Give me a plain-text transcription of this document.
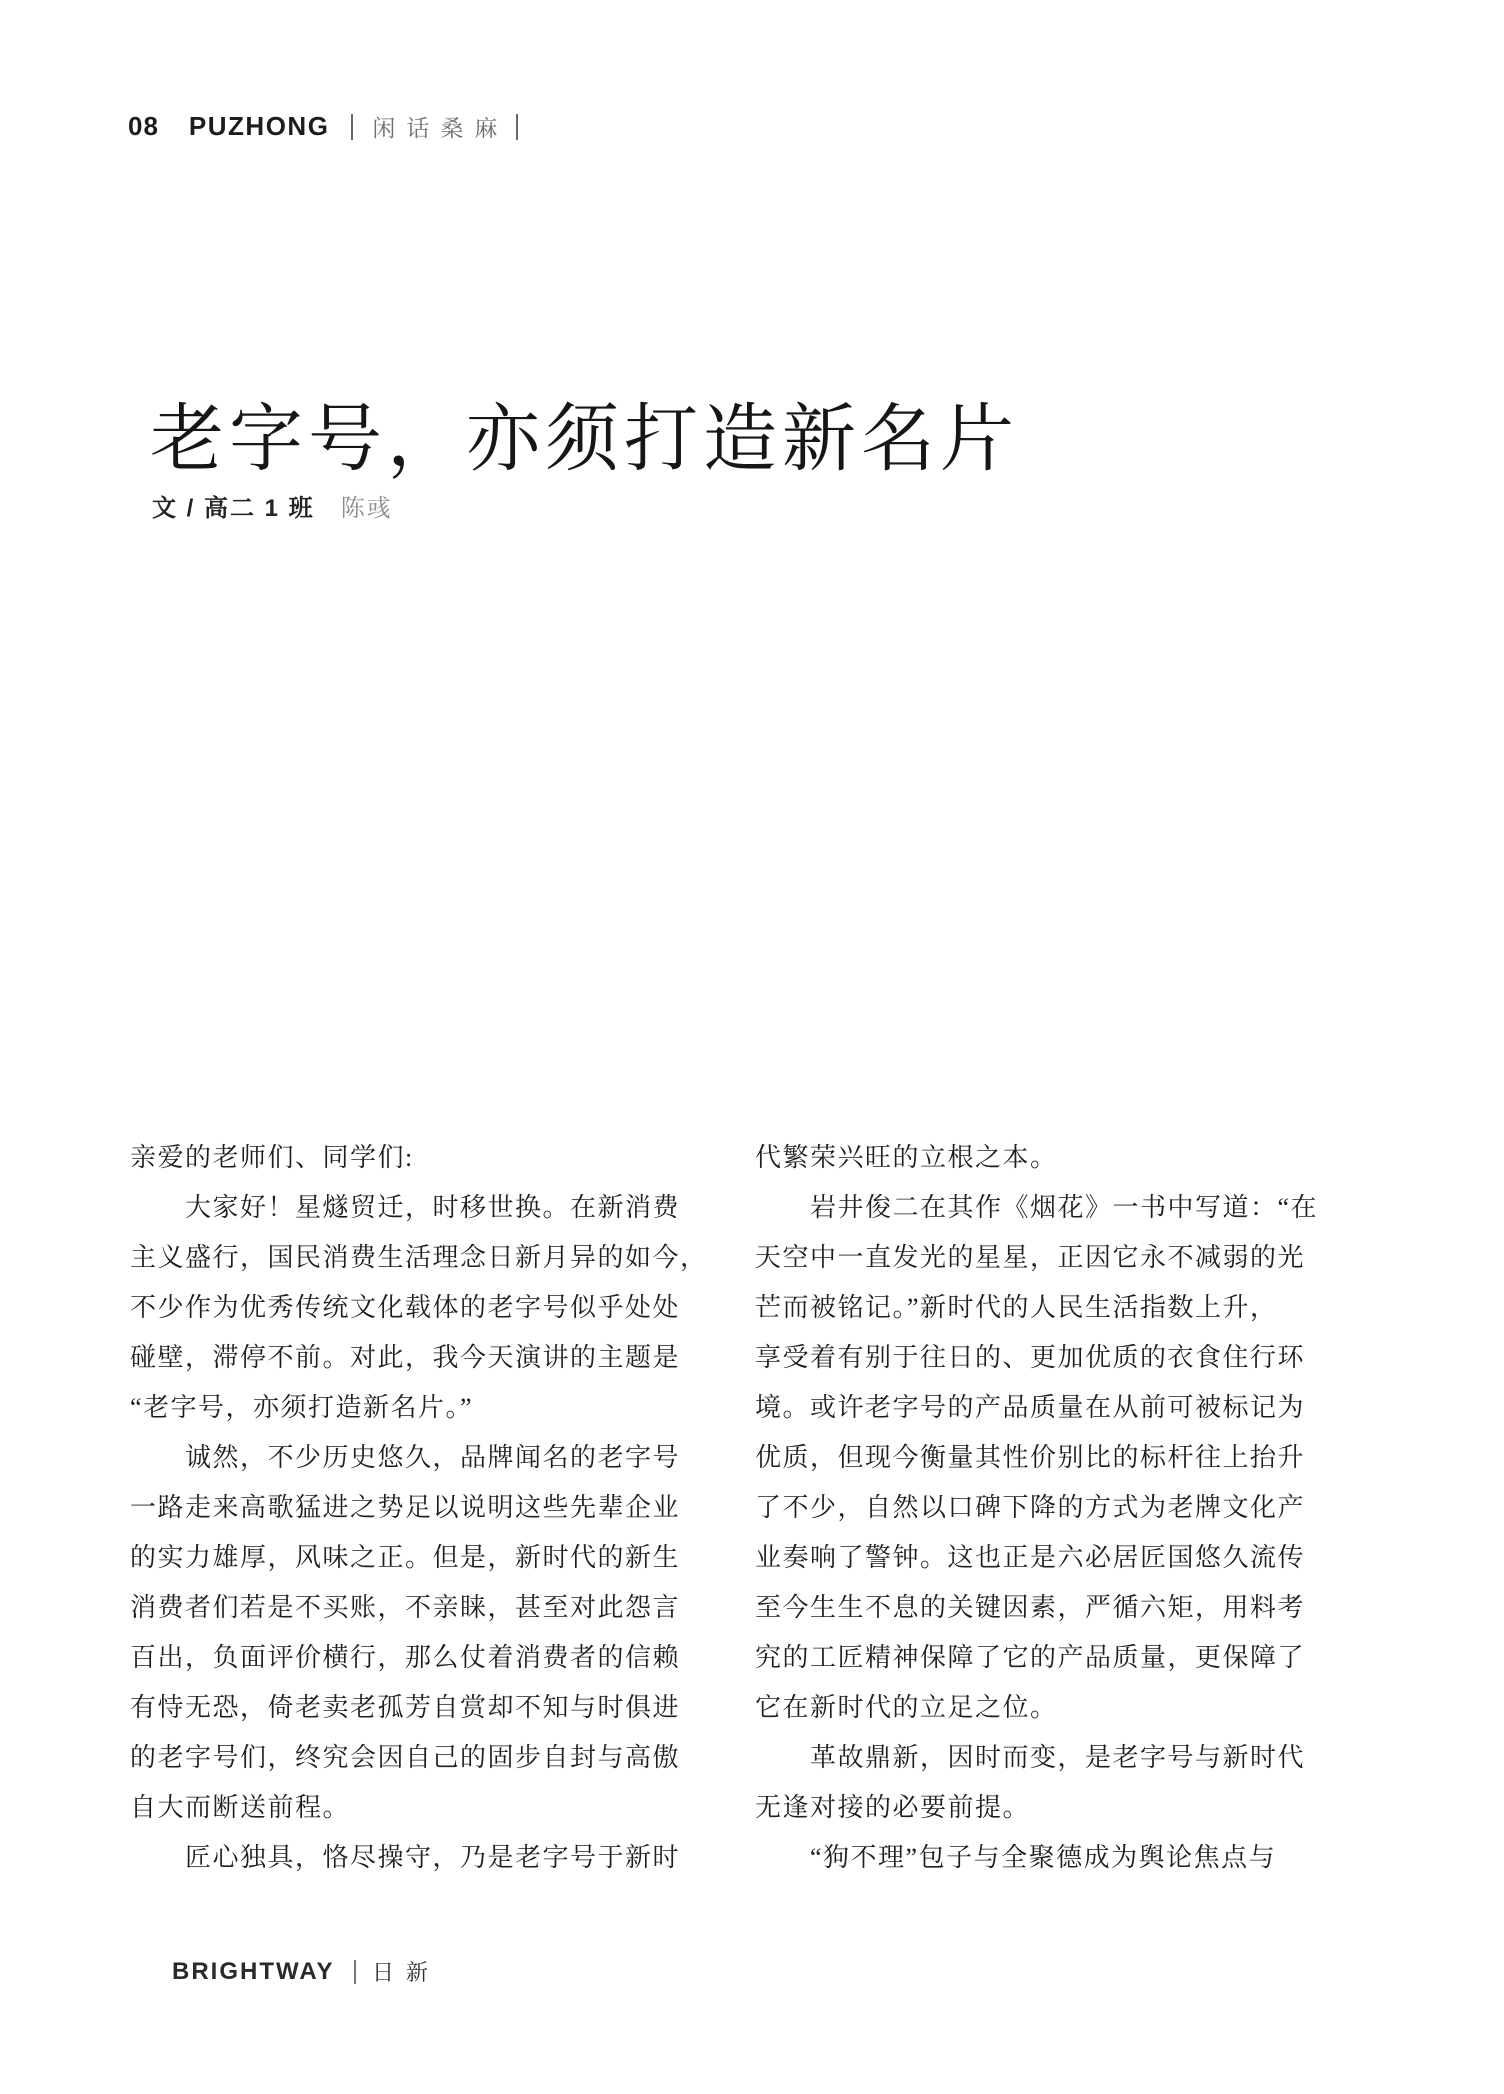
08 PUZHONG 闲话桑麻
老字号，亦须打造新名片
文 / 高二 1 班 陈彧
亲爱的老师们、同学们:
　　大家好！星燧贸迁，时移世换。在新消费
主义盛行，国民消费生活理念日新月异的如今，
不少作为优秀传统文化载体的老字号似乎处处
碰壁，滞停不前。对此，我今天演讲的主题是
“老字号，亦须打造新名片。”
　　诚然，不少历史悠久，品牌闻名的老字号
一路走来高歌猛进之势足以说明这些先辈企业
的实力雄厚，风味之正。但是，新时代的新生
消费者们若是不买账，不亲睐，甚至对此怨言
百出，负面评价横行，那么仗着消费者的信赖
有恃无恐，倚老卖老孤芳自赏却不知与时俱进
的老字号们，终究会因自己的固步自封与高傲
自大而断送前程。
　　匠心独具，恪尽操守，乃是老字号于新时
代繁荣兴旺的立根之本。
　　岩井俊二在其作《烟花》一书中写道：“在
天空中一直发光的星星，正因它永不减弱的光
芒而被铭记。”新时代的人民生活指数上升，
享受着有别于往日的、更加优质的衣食住行环
境。或许老字号的产品质量在从前可被标记为
优质，但现今衡量其性价别比的标杆往上抬升
了不少，自然以口碑下降的方式为老牌文化产
业奏响了警钟。这也正是六必居匠国悠久流传
至今生生不息的关键因素，严循六矩，用料考
究的工匠精神保障了它的产品质量，更保障了
它在新时代的立足之位。
　　革故鼎新，因时而变，是老字号与新时代
无逢对接的必要前提。
　　“狗不理”包子与全聚德成为舆论焦点与
BRIGHTWAY 日新
